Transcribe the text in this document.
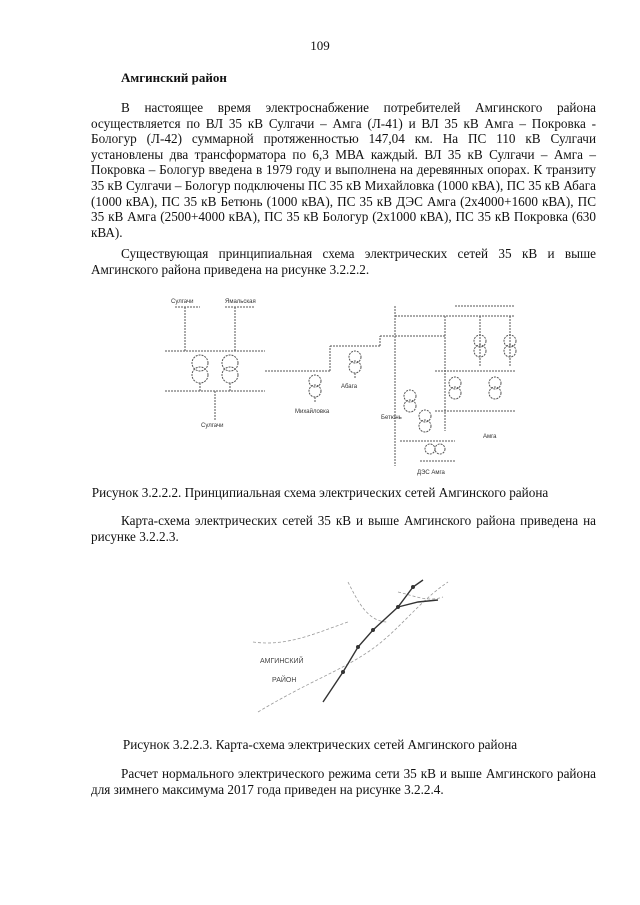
109
Амгинский район

В настоящее время электроснабжение потребителей Амгинского района осуществляется по ВЛ 35 кВ Сулгачи – Амга (Л-41) и ВЛ 35 кВ Амга – Покровка - Бологур (Л-42) суммарной протяженностью 147,04 км. На ПС 110 кВ Сулгачи установлены два трансформатора по 6,3 МВА каждый. ВЛ 35 кВ Сулгачи – Амга – Покровка – Бологур введена в 1979 году и выполнена на деревянных опорах. К транзиту 35 кВ Сулгачи – Бологур подключены ПС 35 кВ Михайловка (1000 кВА), ПС 35 кВ Абага (1000 кВА), ПС 35 кВ Бетюнь (1000 кВА), ПС 35 кВ ДЭС Амга (2х4000+1600 кВА), ПС 35 кВ Амга (2500+4000 кВА), ПС 35 кВ Бологур (2х1000 кВА), ПС 35 кВ Покровка (630 кВА).

Существующая принципиальная схема электрических сетей 35 кВ и выше Амгинского района приведена на рисунке 3.2.2.2.

Сулгачи	Ямальская
Сулгачи
Михайловка
Абага
Бетюнь
Амга
ДЭС Амга
Рисунок 3.2.2.2. Принципиальная схема электрических сетей Амгинского района

Карта-схема электрических сетей 35 кВ и выше Амгинского района приведена на рисунке 3.2.2.3.

АМГИНСКИЙ
РАЙОН
Рисунок 3.2.2.3. Карта-схема электрических сетей Амгинского района

Расчет нормального электрического режима сети 35 кВ и выше Амгинского района для зимнего максимума 2017 года приведен на рисунке 3.2.2.4.
